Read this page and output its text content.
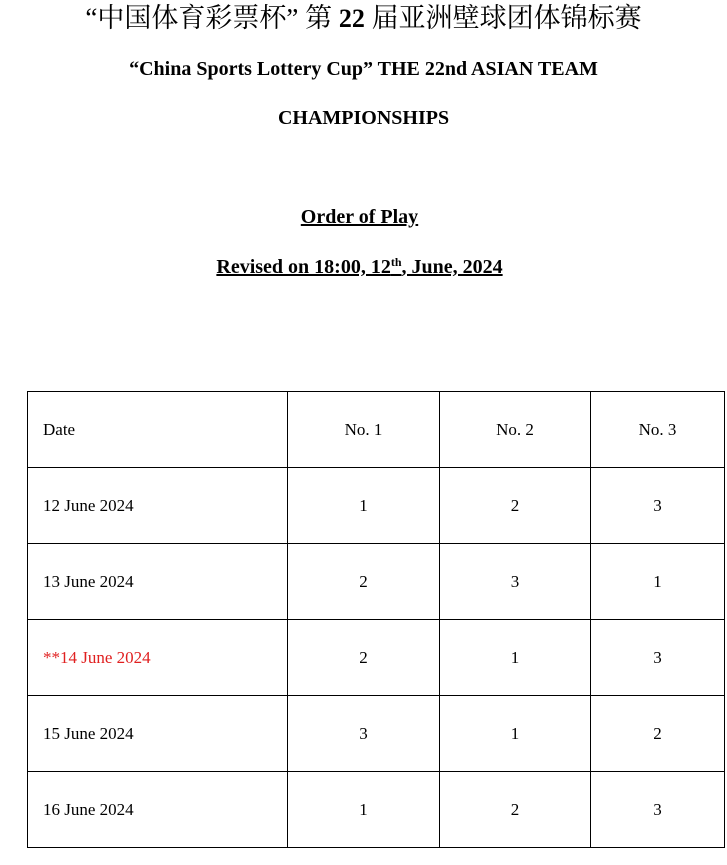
“中国体育彩票杯” 第 22 届亚洲壁球团体锦标赛
“China Sports Lottery Cup” THE 22nd ASIAN TEAM
CHAMPIONSHIPS
Order of Play
Revised on 18:00, 12th, June, 2024
Date	No. 1	No. 2	No. 3
12 June 2024	1	2	3
13 June 2024	2	3	1
**14 June 2024	2	1	3
15 June 2024	3	1	2
16 June 2024	1	2	3
